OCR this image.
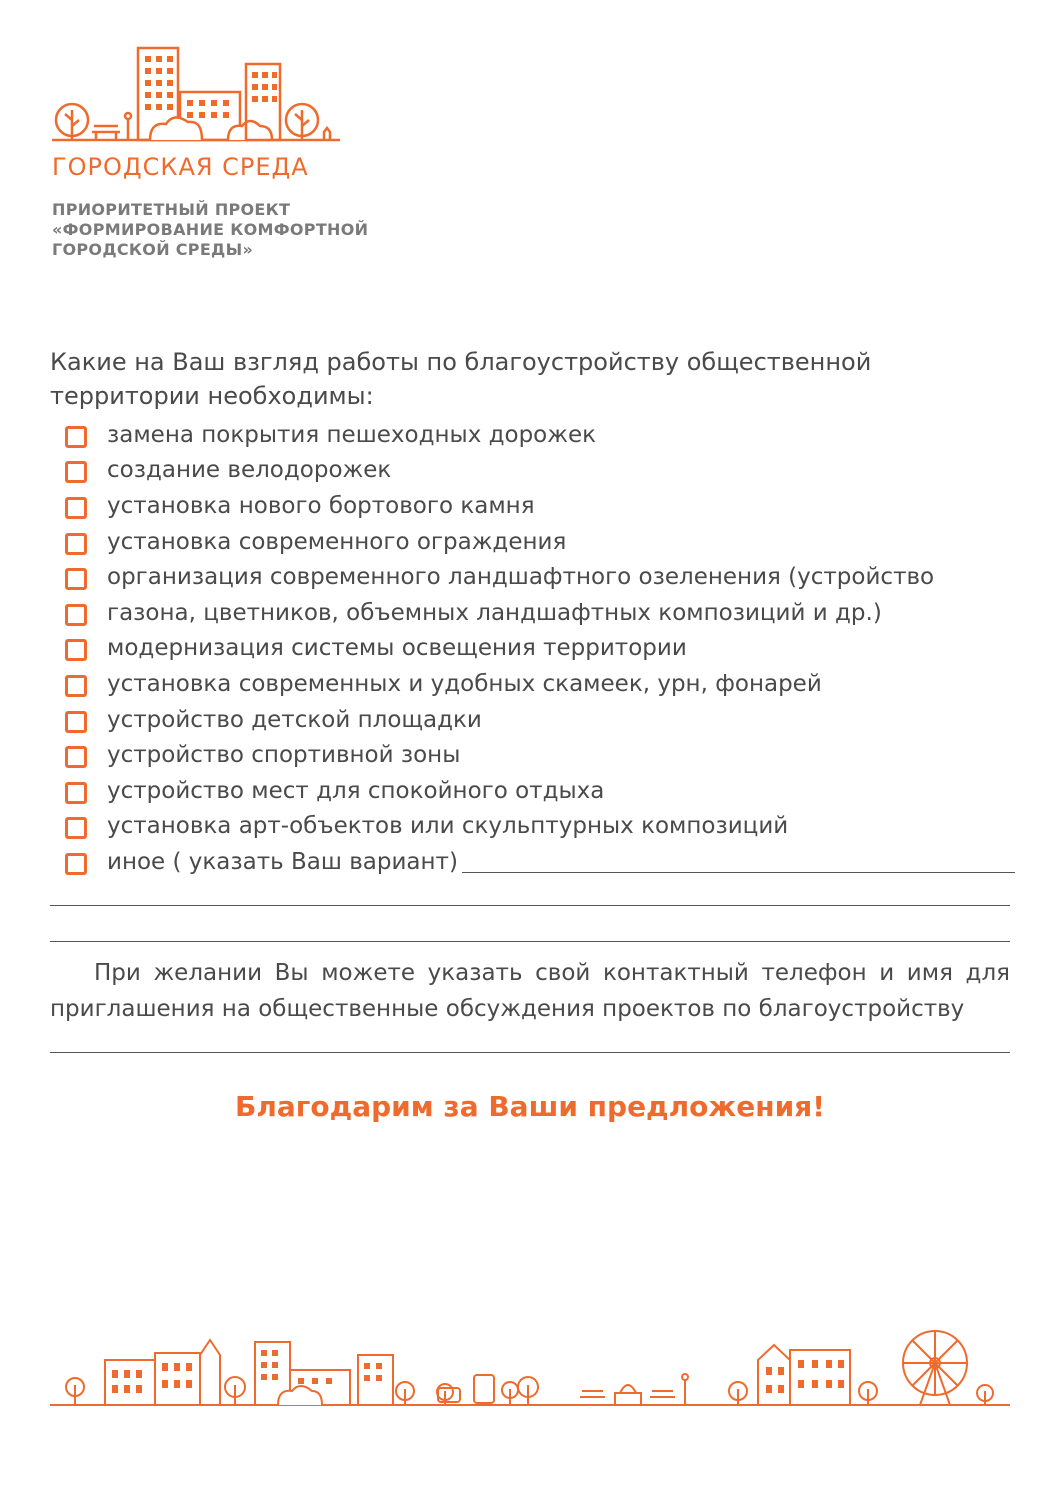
ГОРОДСКАЯ СРЕДА
ПРИОРИТЕТНЫЙ ПРОЕКТ
«ФОРМИРОВАНИЕ КОМФОРТНОЙ
ГОРОДСКОЙ СРЕДЫ»
Какие на Ваш взгляд работы по благоустройству общественной территории необходимы:
замена покрытия пешеходных дорожек
создание велодорожек
установка нового бортового камня
установка современного ограждения
организация современного ландшафтного озеленения (устройство
газона, цветников, объемных ландшафтных композиций и др.)
модернизация системы освещения территории
установка современных и удобных скамеек, урн, фонарей
устройство детской площадки
устройство спортивной зоны
устройство мест для спокойного отдыха
установка арт-объектов или скульптурных композиций
иное ( указать Ваш вариант)
При желании Вы можете указать свой контактный телефон и имя для приглашения на общественные обсуждения проектов по благоустройству
Благодарим за Ваши предложения!
